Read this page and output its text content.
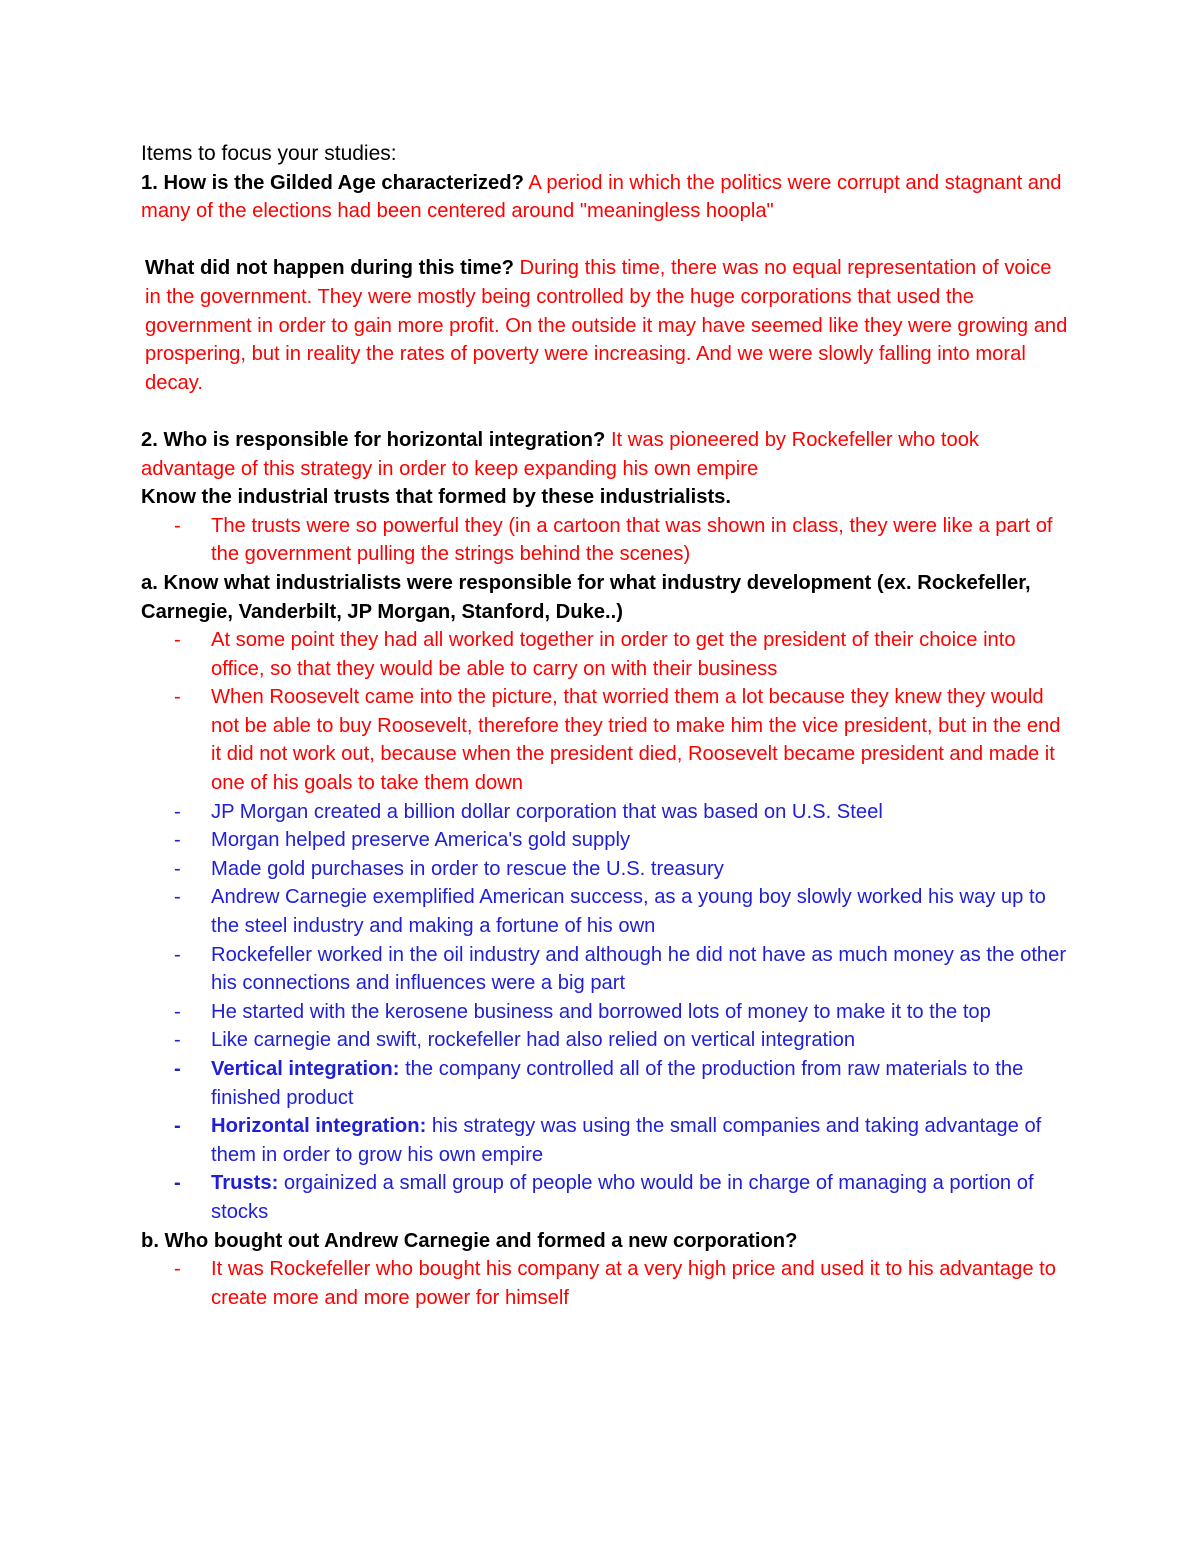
Items to focus your studies:

1. How is the Gilded Age characterized? A period in which the politics were corrupt and stagnant and many of the elections had been centered around "meaningless hoopla"

What did not happen during this time? During this time, there was no equal representation of voice in the government. They were mostly being controlled by the huge corporations that used the government in order to gain more profit. On the outside it may have seemed like they were growing and prospering, but in reality the rates of poverty were increasing. And we were slowly falling into moral decay.

2. Who is responsible for horizontal integration? It was pioneered by Rockefeller who took advantage of this strategy in order to keep expanding his own empire

Know the industrial trusts that formed by these industrialists.

- The trusts were so powerful they (in a cartoon that was shown in class, they were like a part of the government pulling the strings behind the scenes)

a. Know what industrialists were responsible for what industry development (ex. Rockefeller, Carnegie, Vanderbilt, JP Morgan, Stanford, Duke..)

- At some point they had all worked together in order to get the president of their choice into office, so that they would be able to carry on with their business
- When Roosevelt came into the picture, that worried them a lot because they knew they would not be able to buy Roosevelt, therefore they tried to make him the vice president, but in the end it did not work out, because when the president died, Roosevelt became president and made it one of his goals to take them down
- JP Morgan created a billion dollar corporation that was based on U.S. Steel
- Morgan helped preserve America's gold supply
- Made gold purchases in order to rescue the U.S. treasury
- Andrew Carnegie exemplified American success, as a young boy slowly worked his way up to the steel industry and making a fortune of his own
- Rockefeller worked in the oil industry and although he did not have as much money as the other his connections and influences were a big part
- He started with the kerosene business and borrowed lots of money to make it to the top
- Like carnegie and swift, rockefeller had also relied on vertical integration
- Vertical integration: the company controlled all of the production from raw materials to the finished product
- Horizontal integration: his strategy was using the small companies and taking advantage of them in order to grow his own empire
- Trusts: orgainized a small group of people who would be in charge of managing a portion of stocks

b. Who bought out Andrew Carnegie and formed a new corporation?

- It was Rockefeller who bought his company at a very high price and used it to his advantage to create more and more power for himself
